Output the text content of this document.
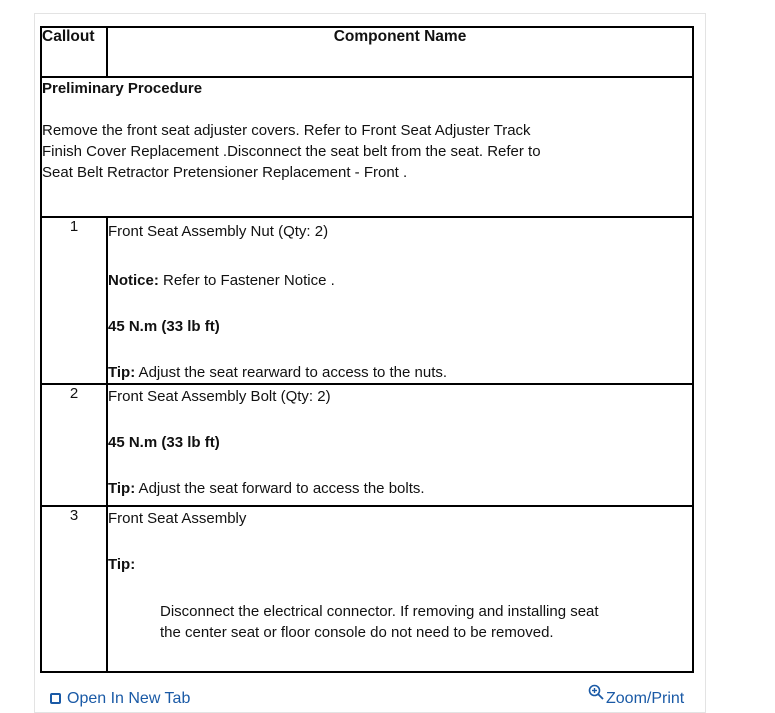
Callout	Component Name

Preliminary Procedure
Remove the front seat adjuster covers. Refer to Front Seat Adjuster Track
Finish Cover Replacement .Disconnect the seat belt from the seat. Refer to
Seat Belt Retractor Pretensioner Replacement - Front .	

1	Front Seat Assembly Nut (Qty: 2)
Notice: Refer to Fastener Notice .
45 N.m (33 lb ft)
Tip: Adjust the seat rearward to access to the nuts.

2	Front Seat Assembly Bolt (Qty: 2)
45 N.m (33 lb ft)
Tip: Adjust the seat forward to access the bolts.

3	Front Seat Assembly
Tip:
Disconnect the electrical connector. If removing and installing seat
the center seat or floor console do not need to be removed.
Open In New Tab	Zoom/Print
